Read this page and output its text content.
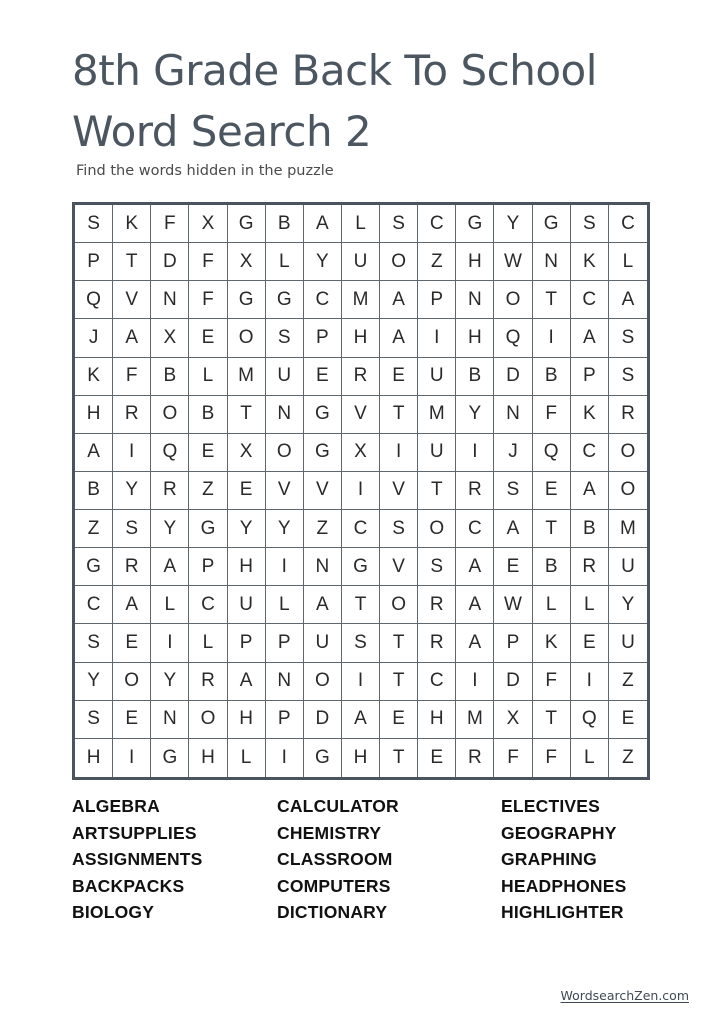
8th Grade Back To School Word Search 2
Find the words hidden in the puzzle
S	K	F	X	G	B	A	L	S	C	G	Y	G	S	C
P	T	D	F	X	L	Y	U	O	Z	H	W	N	K	L
Q	V	N	F	G	G	C	M	A	P	N	O	T	C	A
J	A	X	E	O	S	P	H	A	I	H	Q	I	A	S
K	F	B	L	M	U	E	R	E	U	B	D	B	P	S
H	R	O	B	T	N	G	V	T	M	Y	N	F	K	R
A	I	Q	E	X	O	G	X	I	U	I	J	Q	C	O
B	Y	R	Z	E	V	V	I	V	T	R	S	E	A	O
Z	S	Y	G	Y	Y	Z	C	S	O	C	A	T	B	M
G	R	A	P	H	I	N	G	V	S	A	E	B	R	U
C	A	L	C	U	L	A	T	O	R	A	W	L	L	Y
S	E	I	L	P	P	U	S	T	R	A	P	K	E	U
Y	O	Y	R	A	N	O	I	T	C	I	D	F	I	Z
S	E	N	O	H	P	D	A	E	H	M	X	T	Q	E
H	I	G	H	L	I	G	H	T	E	R	F	F	L	Z
ALGEBRA
ARTSUPPLIES
ASSIGNMENTS
BACKPACKS
BIOLOGY
CALCULATOR
CHEMISTRY
CLASSROOM
COMPUTERS
DICTIONARY
ELECTIVES
GEOGRAPHY
GRAPHING
HEADPHONES
HIGHLIGHTER
WordsearchZen.com
